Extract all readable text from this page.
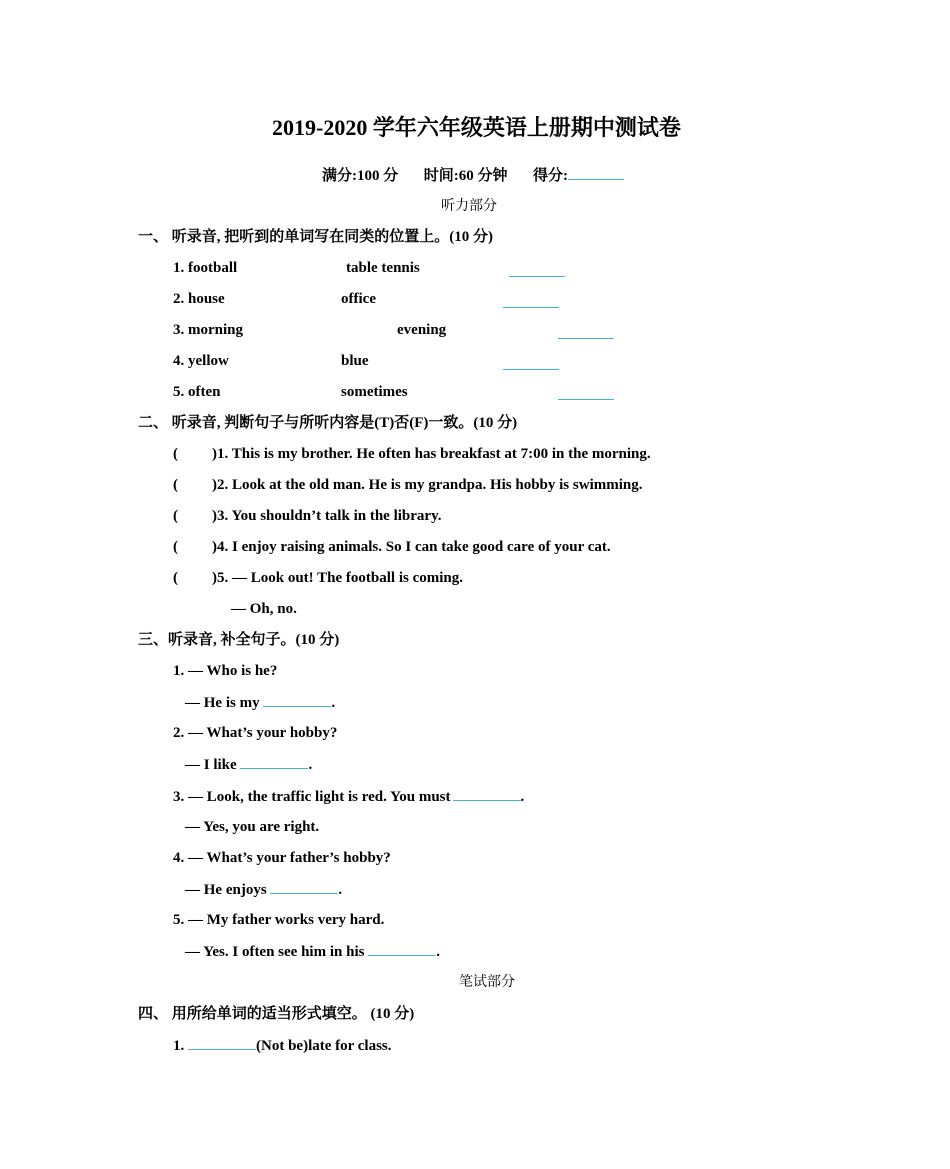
2019-2020 学年六年级英语上册期中测试卷
满分:100 分 时间:60 分钟 得分:
听力部分
一、 听录音, 把听到的单词写在同类的位置上。(10 分)
1. football	table tennis
2. house	office
3. morning	evening
4. yellow	blue
5. often	sometimes
二、 听录音, 判断句子与所听内容是(T)否(F)一致。(10 分)
( )1. This is my brother. He often has breakfast at 7:00 in the morning.
( )2. Look at the old man. He is my grandpa. His hobby is swimming.
( )3. You shouldn’t talk in the library.
( )4. I enjoy raising animals. So I can take good care of your cat.
( )5. — Look out! The football is coming.
— Oh, no.
三、听录音, 补全句子。(10 分)
1. — Who is he?
— He is my	.
2. — What’s your hobby?
— I like	.
3. — Look, the traffic light is red. You must	.
— Yes, you are right.
4. — What’s your father’s hobby?
— He enjoys	.
5. — My father works very hard.
— Yes. I often see him in his	.
笔试部分
四、 用所给单词的适当形式填空。 (10 分)
1.	(Not be)late for class.
